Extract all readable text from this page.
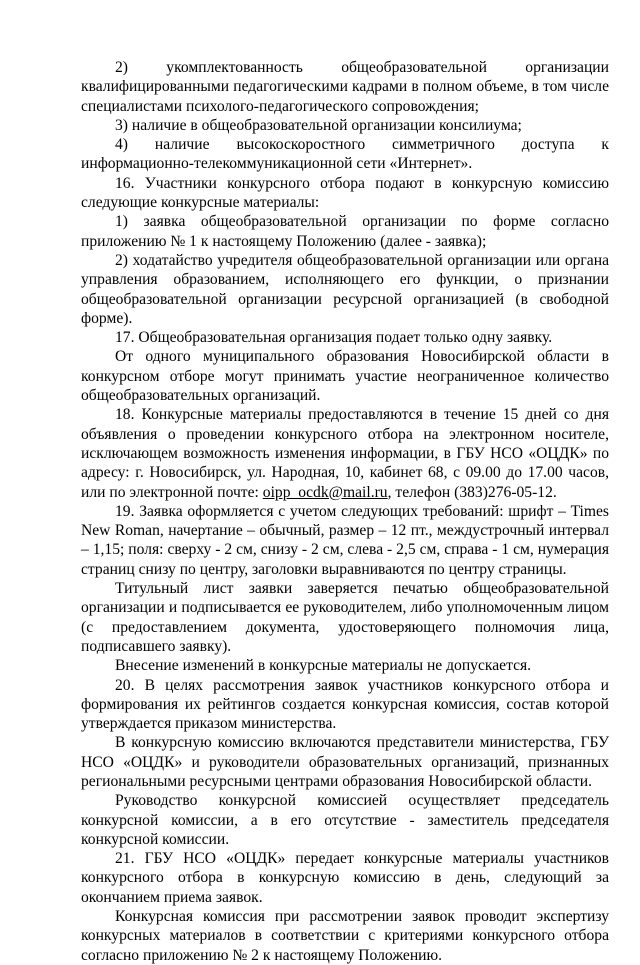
2) укомплектованность общеобразовательной организации квалифицированными педагогическими кадрами в полном объеме, в том числе специалистами психолого-педагогического сопровождения;

3) наличие в общеобразовательной организации консилиума;

4) наличие высокоскоростного симметричного доступа к информационно-телекоммуникационной сети «Интернет».

16. Участники конкурсного отбора подают в конкурсную комиссию следующие конкурсные материалы:

1) заявка общеобразовательной организации по форме согласно приложению № 1 к настоящему Положению (далее - заявка);

2) ходатайство учредителя общеобразовательной организации или органа управления образованием, исполняющего его функции, о признании общеобразовательной организации ресурсной организацией (в свободной форме).

17. Общеобразовательная организация подает только одну заявку.

От одного муниципального образования Новосибирской области в конкурсном отборе могут принимать участие неограниченное количество общеобразовательных организаций.

18. Конкурсные материалы предоставляются в течение 15 дней со дня объявления о проведении конкурсного отбора на электронном носителе, исключающем возможность изменения информации, в ГБУ НСО «ОЦДК» по адресу: г. Новосибирск, ул. Народная, 10, кабинет 68, с 09.00 до 17.00 часов, или по электронной почте: oipp_ocdk@mail.ru, телефон (383)276-05-12.

19. Заявка оформляется с учетом следующих требований: шрифт – Times New Roman, начертание – обычный, размер – 12 пт., междустрочный интервал – 1,15; поля: сверху - 2 см, снизу - 2 см, слева - 2,5 см, справа - 1 см, нумерация страниц снизу по центру, заголовки выравниваются по центру страницы.

Титульный лист заявки заверяется печатью общеобразовательной организации и подписывается ее руководителем, либо уполномоченным лицом (с предоставлением документа, удостоверяющего полномочия лица, подписавшего заявку).

Внесение изменений в конкурсные материалы не допускается.

20. В целях рассмотрения заявок участников конкурсного отбора и формирования их рейтингов создается конкурсная комиссия, состав которой утверждается приказом министерства.

В конкурсную комиссию включаются представители министерства, ГБУ НСО «ОЦДК» и руководители образовательных организаций, признанных региональными ресурсными центрами образования Новосибирской области.

Руководство конкурсной комиссией осуществляет председатель конкурсной комиссии, а в его отсутствие - заместитель председателя конкурсной комиссии.

21. ГБУ НСО «ОЦДК» передает конкурсные материалы участников конкурсного отбора в конкурсную комиссию в день, следующий за окончанием приема заявок.

Конкурсная комиссия при рассмотрении заявок проводит экспертизу конкурсных материалов в соответствии с критериями конкурсного отбора согласно приложению № 2 к настоящему Положению.
